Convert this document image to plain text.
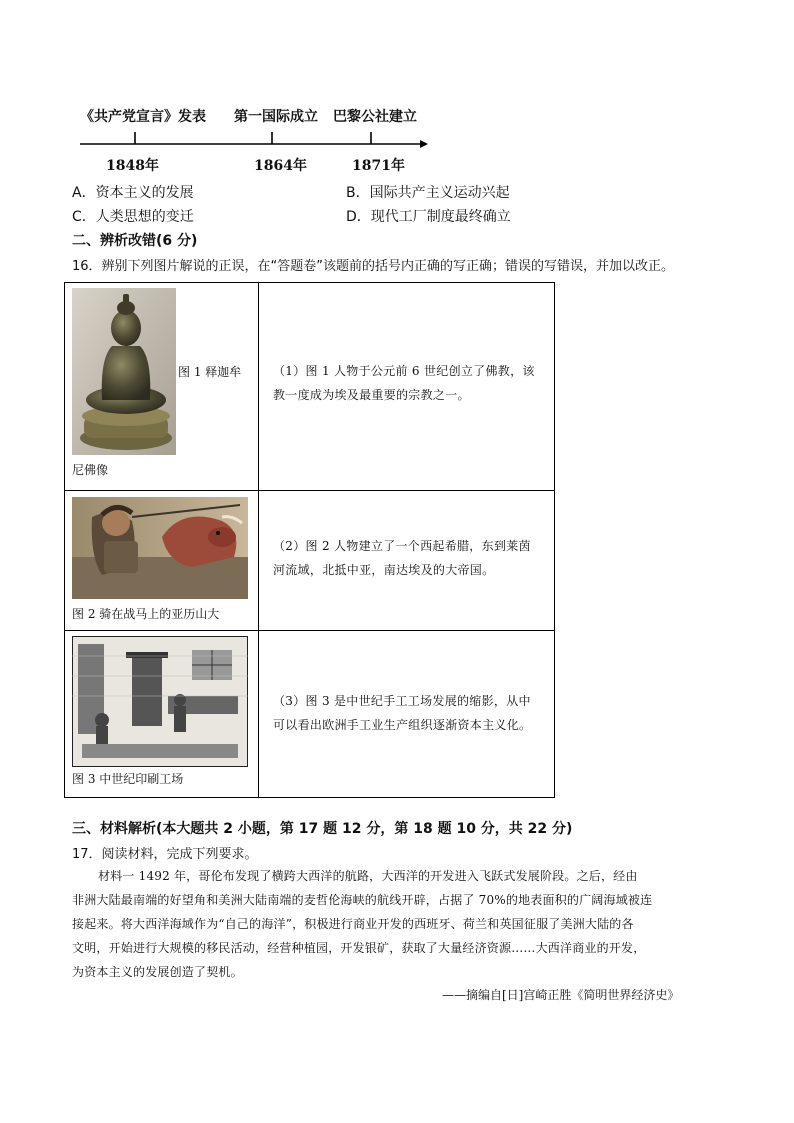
《共产党宣言》发表 第一国际成立 巴黎公社建立
1848年	1864年	1871年
A．资本主义的发展	B．国际共产主义运动兴起
C．人类思想的变迁	D．现代工厂制度最终确立
二、辨析改错(6 分)
16．辨别下列图片解说的正误，在“答题卷”该题前的括号内正确的写正确；错误的写错误，并加以改正。
图 1 释迦牟
尼佛像
（1）图 1 人物于公元前 6 世纪创立了佛教，该
教一度成为埃及最重要的宗教之一。
图 2 骑在战马上的亚历山大
（2）图 2 人物建立了一个西起希腊，东到莱茵
河流域，北抵中亚，南达埃及的大帝国。
图 3 中世纪印刷工场
（3）图 3 是中世纪手工工场发展的缩影，从中
可以看出欧洲手工业生产组织逐渐资本主义化。
三、材料解析(本大题共 2 小题，第 17 题 12 分，第 18 题 10 分，共 22 分)
17．阅读材料，完成下列要求。
材料一 1492 年，哥伦布发现了横跨大西洋的航路，大西洋的开发进入飞跃式发展阶段。之后，经由
非洲大陆最南端的好望角和美洲大陆南端的麦哲伦海峡的航线开辟，占据了 70%的地表面积的广阔海域被连
接起来。将大西洋海域作为“自己的海洋”，积极进行商业开发的西班牙、荷兰和英国征服了美洲大陆的各
文明，开始进行大规模的移民活动，经营种植园，开发银矿，获取了大量经济资源……大西洋商业的开发，
为资本主义的发展创造了契机。
——摘编自[日]宫崎正胜《简明世界经济史》
